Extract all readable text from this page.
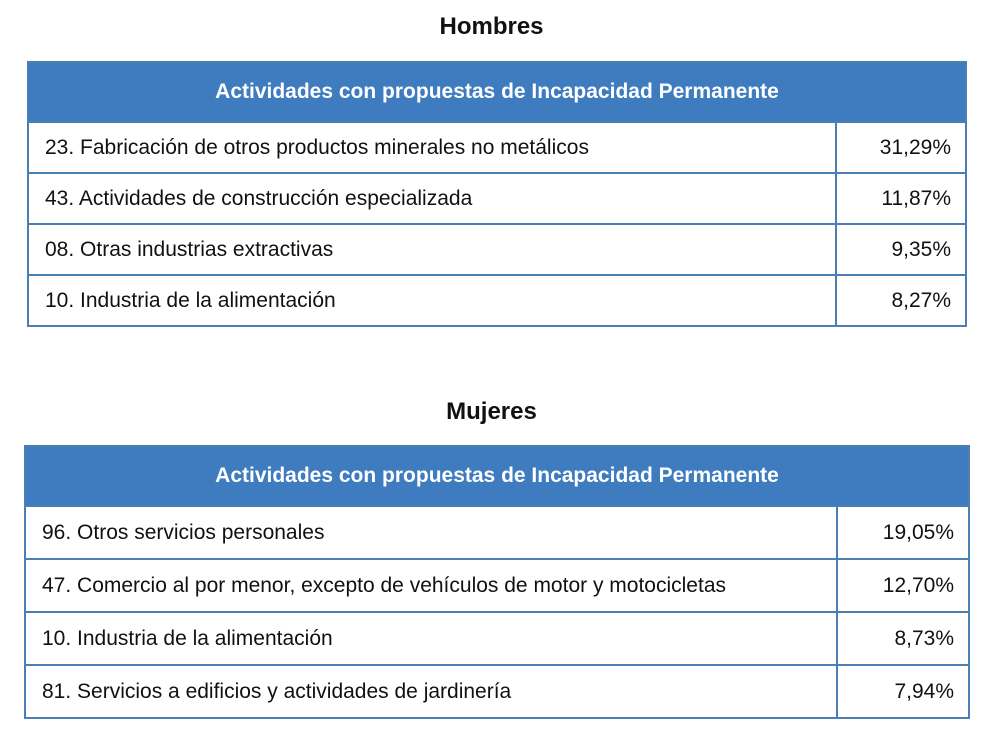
Hombres
Actividades con propuestas de Incapacidad Permanente	
23. Fabricación de otros productos minerales no metálicos	31,29%
43. Actividades de construcción especializada	11,87%
08. Otras industrias extractivas	9,35%
10. Industria de la alimentación	8,27%
Mujeres
Actividades con propuestas de Incapacidad Permanente	
96. Otros servicios personales	19,05%
47. Comercio al por menor, excepto de vehículos de motor y motocicletas	12,70%
10. Industria de la alimentación	8,73%
81. Servicios a edificios y actividades de jardinería	7,94%
